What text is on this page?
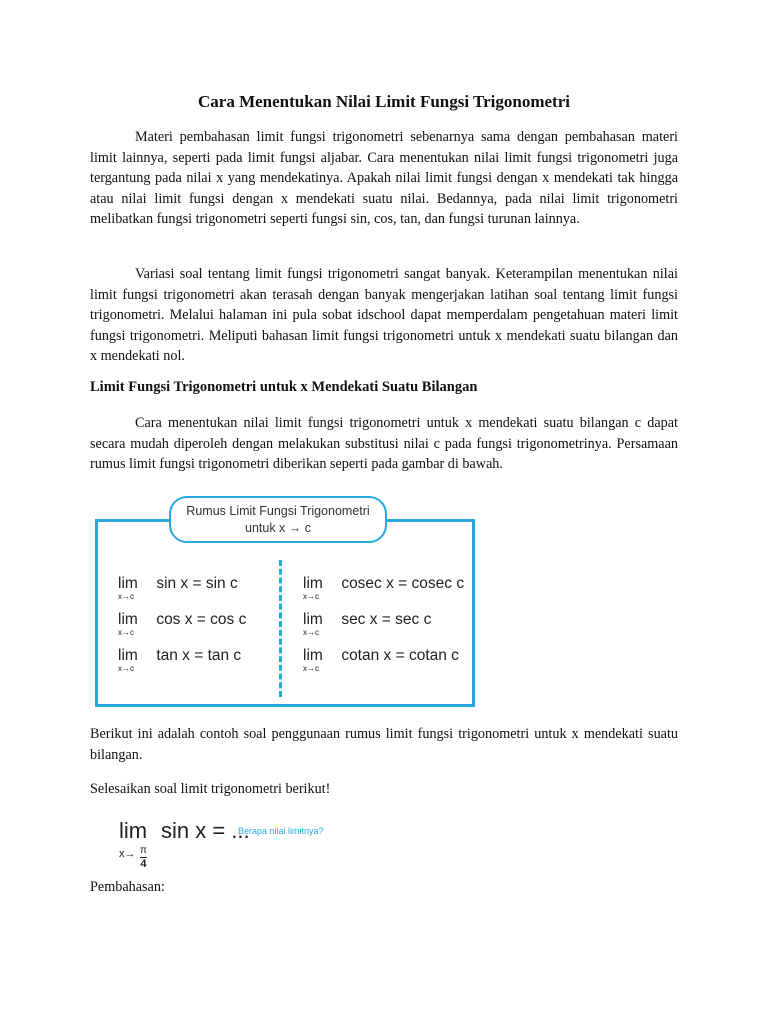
Cara Menentukan Nilai Limit Fungsi Trigonometri

Materi pembahasan limit fungsi trigonometri sebenarnya sama dengan pembahasan materi limit lainnya, seperti pada limit fungsi aljabar. Cara menentukan nilai limit fungsi trigonometri juga tergantung pada nilai x yang mendekatinya. Apakah nilai limit fungsi dengan x mendekati tak hingga atau nilai limit fungsi dengan x mendekati suatu nilai. Bedannya, pada nilai limit trigonometri melibatkan fungsi trigonometri seperti fungsi sin, cos, tan, dan fungsi turunan lainnya.

Variasi soal tentang limit fungsi trigonometri sangat banyak. Keterampilan menentukan nilai limit fungsi trigonometri akan terasah dengan banyak mengerjakan latihan soal tentang limit fungsi trigonometri. Melalui halaman ini pula sobat idschool dapat memperdalam pengetahuan materi limit fungsi trigonometri. Meliputi bahasan limit fungsi trigonometri untuk x mendekati suatu bilangan dan x mendekati nol.

Limit Fungsi Trigonometri untuk x Mendekati Suatu Bilangan

Cara menentukan nilai limit fungsi trigonometri untuk x mendekati suatu bilangan c dapat secara mudah diperoleh dengan melakukan substitusi nilai c pada fungsi trigonometrinya. Persamaan rumus limit fungsi trigonometri diberikan seperti pada gambar di bawah.

lim
x→c
sin x = sin c
lim
x→c
cos x = cos c
lim
x→c
tan x = tan c
lim
x→c
cosec x = cosec c
lim
x→c
sec x = sec c
lim
x→c
cotan x = cotan c
Rumus Limit Fungsi Trigonometri
untuk x → c

Berikut ini adalah contoh soal penggunaan rumus limit fungsi trigonometri untuk x mendekati suatu bilangan.

Selesaikan soal limit trigonometri berikut!

lim sin x = ...
$x\to \frac{\pi}{4}$
Berapa nilai limitnya?

Pembahasan:
